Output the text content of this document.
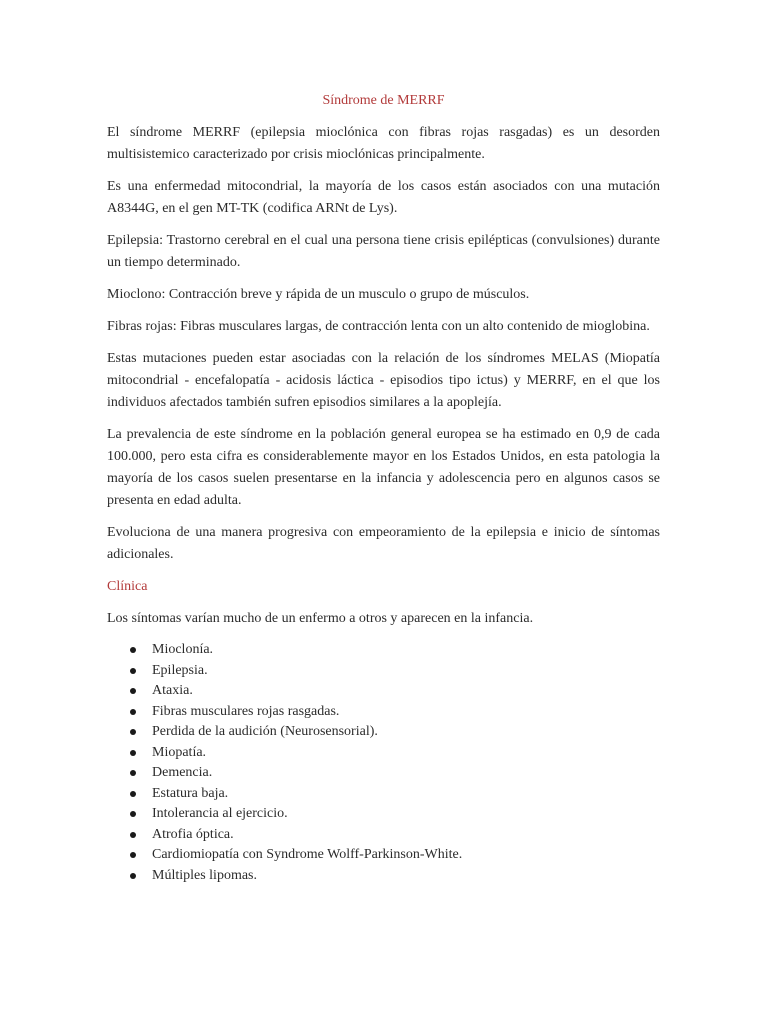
Síndrome de MERRF

El síndrome MERRF (epilepsia mioclónica con fibras rojas rasgadas) es un desorden multisistemico caracterizado por crisis mioclónicas principalmente.

Es una enfermedad mitocondrial, la mayoría de los casos están asociados con una mutación A8344G, en el gen MT-TK (codifica ARNt de Lys).

Epilepsia: Trastorno cerebral en el cual una persona tiene crisis epilépticas (convulsiones) durante un tiempo determinado.

Mioclono: Contracción breve y rápida de un musculo o grupo de músculos.

Fibras rojas: Fibras musculares largas, de contracción lenta con un alto contenido de mioglobina.

Estas mutaciones pueden estar asociadas con la relación de los síndromes MELAS (Miopatía mitocondrial - encefalopatía - acidosis láctica - episodios tipo ictus) y MERRF, en el que los individuos afectados también sufren episodios similares a la apoplejía.

La prevalencia de este síndrome en la población general europea se ha estimado en 0,9 de cada 100.000, pero esta cifra es considerablemente mayor en los Estados Unidos, en esta patologia la mayoría de los casos suelen presentarse en la infancia y adolescencia pero en algunos casos se presenta en edad adulta.

Evoluciona de una manera progresiva con empeoramiento de la epilepsia e inicio de síntomas adicionales.

Clínica

Los síntomas varían mucho de un enfermo a otros y aparecen en la infancia.

Mioclonía.
Epilepsia.
Ataxia.
Fibras musculares rojas rasgadas.
Perdida de la audición (Neurosensorial).
Miopatía.
Demencia.
Estatura baja.
Intolerancia al ejercicio.
Atrofia óptica.
Cardiomiopatía con Syndrome Wolff-Parkinson-White.
Múltiples lipomas.
